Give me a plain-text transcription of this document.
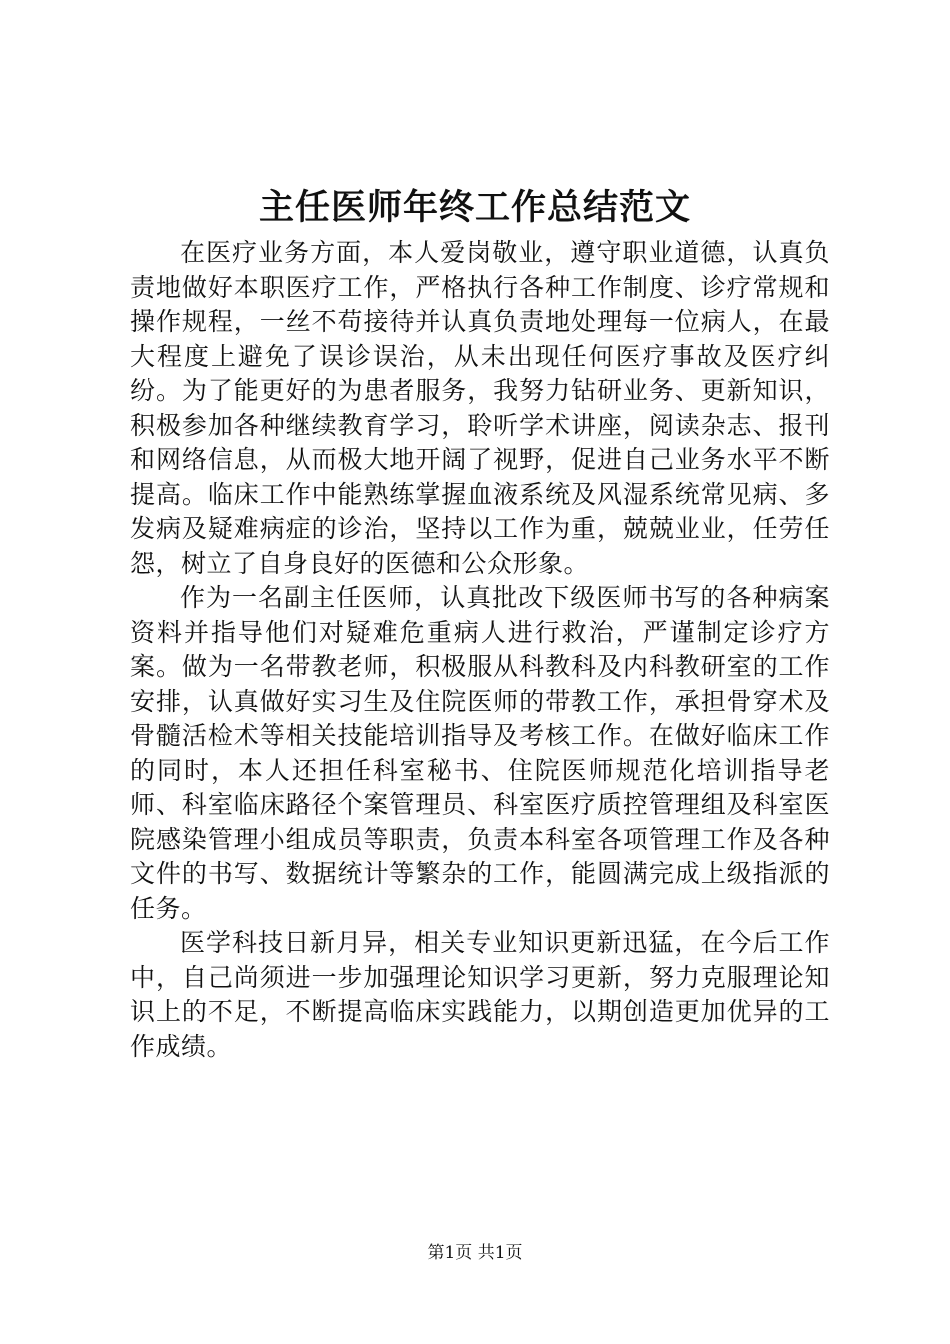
主任医师年终工作总结范文

在医疗业务方面，本人爱岗敬业，遵守职业道德，认真负责地做好本职医疗工作，严格执行各种工作制度、诊疗常规和操作规程，一丝不苟接待并认真负责地处理每一位病人，在最大程度上避免了误诊误治，从未出现任何医疗事故及医疗纠纷。为了能更好的为患者服务，我努力钻研业务、更新知识，积极参加各种继续教育学习，聆听学术讲座，阅读杂志、报刊和网络信息，从而极大地开阔了视野，促进自己业务水平不断提高。临床工作中能熟练掌握血液系统及风湿系统常见病、多发病及疑难病症的诊治，坚持以工作为重，兢兢业业，任劳任怨，树立了自身良好的医德和公众形象。

作为一名副主任医师，认真批改下级医师书写的各种病案资料并指导他们对疑难危重病人进行救治，严谨制定诊疗方案。做为一名带教老师，积极服从科教科及内科教研室的工作安排，认真做好实习生及住院医师的带教工作，承担骨穿术及骨髓活检术等相关技能培训指导及考核工作。在做好临床工作的同时，本人还担任科室秘书、住院医师规范化培训指导老师、科室临床路径个案管理员、科室医疗质控管理组及科室医院感染管理小组成员等职责，负责本科室各项管理工作及各种文件的书写、数据统计等繁杂的工作，能圆满完成上级指派的任务。

医学科技日新月异，相关专业知识更新迅猛，在今后工作中，自己尚须进一步加强理论知识学习更新，努力克服理论知识上的不足，不断提高临床实践能力，以期创造更加优异的工作成绩。

第1页 共1页
